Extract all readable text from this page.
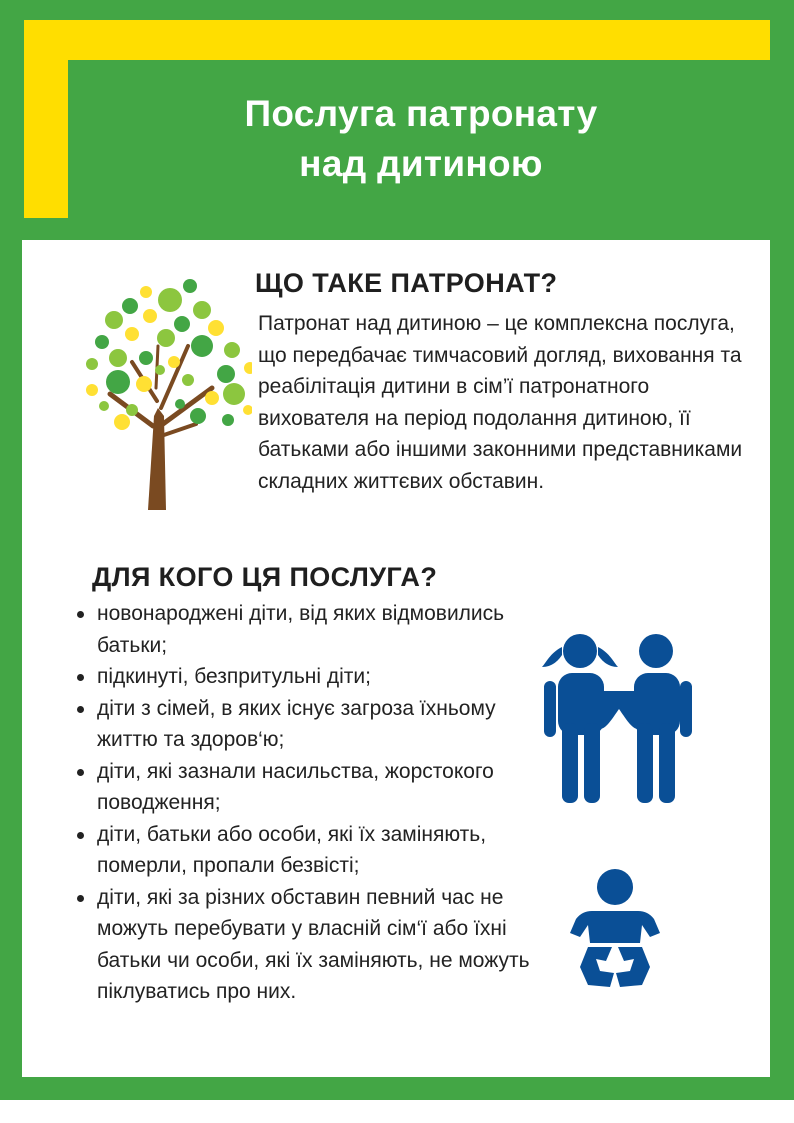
Послуга патронату
над дитиною
ЩО ТАКЕ ПАТРОНАТ?

Патронат над дитиною – це комплексна послуга, що передбачає тимчасовий догляд, виховання та реабілітація дитини в сім’ї патронатного вихователя на період подолання дитиною, її батьками або іншими законними представниками складних життєвих обставин.

ДЛЯ КОГО ЦЯ ПОСЛУГА?
новонароджені діти, від яких відмовились батьки;
підкинуті, безпритульні діти;
діти з сімей, в яких існує загроза їхньому життю та здоров‘ю;
діти, які зазнали насильства, жорстокого поводження;
діти, батьки або особи, які їх заміняють, померли, пропали безвісті;
діти, які за різних обставин певний час не можуть перебувати у власній сім‘ї або їхні батьки чи особи, які їх заміняють, не можуть піклуватись про них.
